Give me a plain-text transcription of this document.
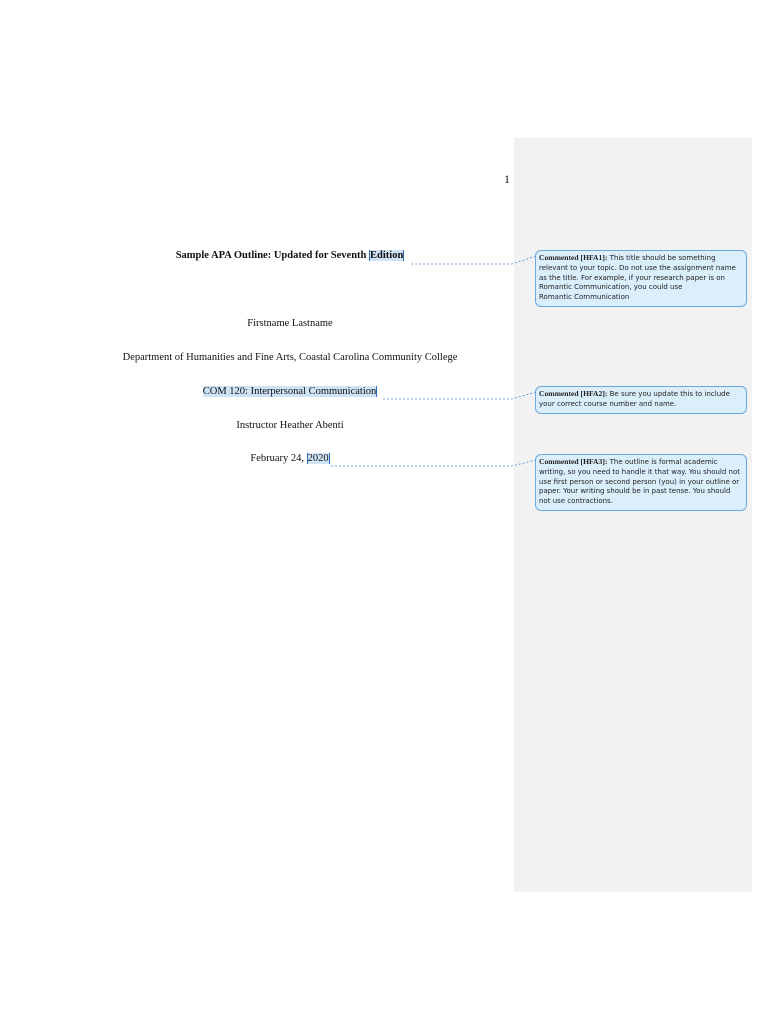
1
Sample APA Outline: Updated for Seventh Edition
Firstname Lastname
Department of Humanities and Fine Arts, Coastal Carolina Community College
COM 120: Interpersonal Communication
Instructor Heather Abenti
February 24, 2020
Commented [HFA1]: This title should be something relevant to your topic. Do not use the assignment name as the title. For example, if your research paper is on Romantic Communication, you could use
Romantic Communication
Commented [HFA2]: Be sure you update this to include your correct course number and name.
Commented [HFA3]: The outline is formal academic writing, so you need to handle it that way. You should not use first person or second person (you) in your outline or paper. Your writing should be in past tense. You should not use contractions.
